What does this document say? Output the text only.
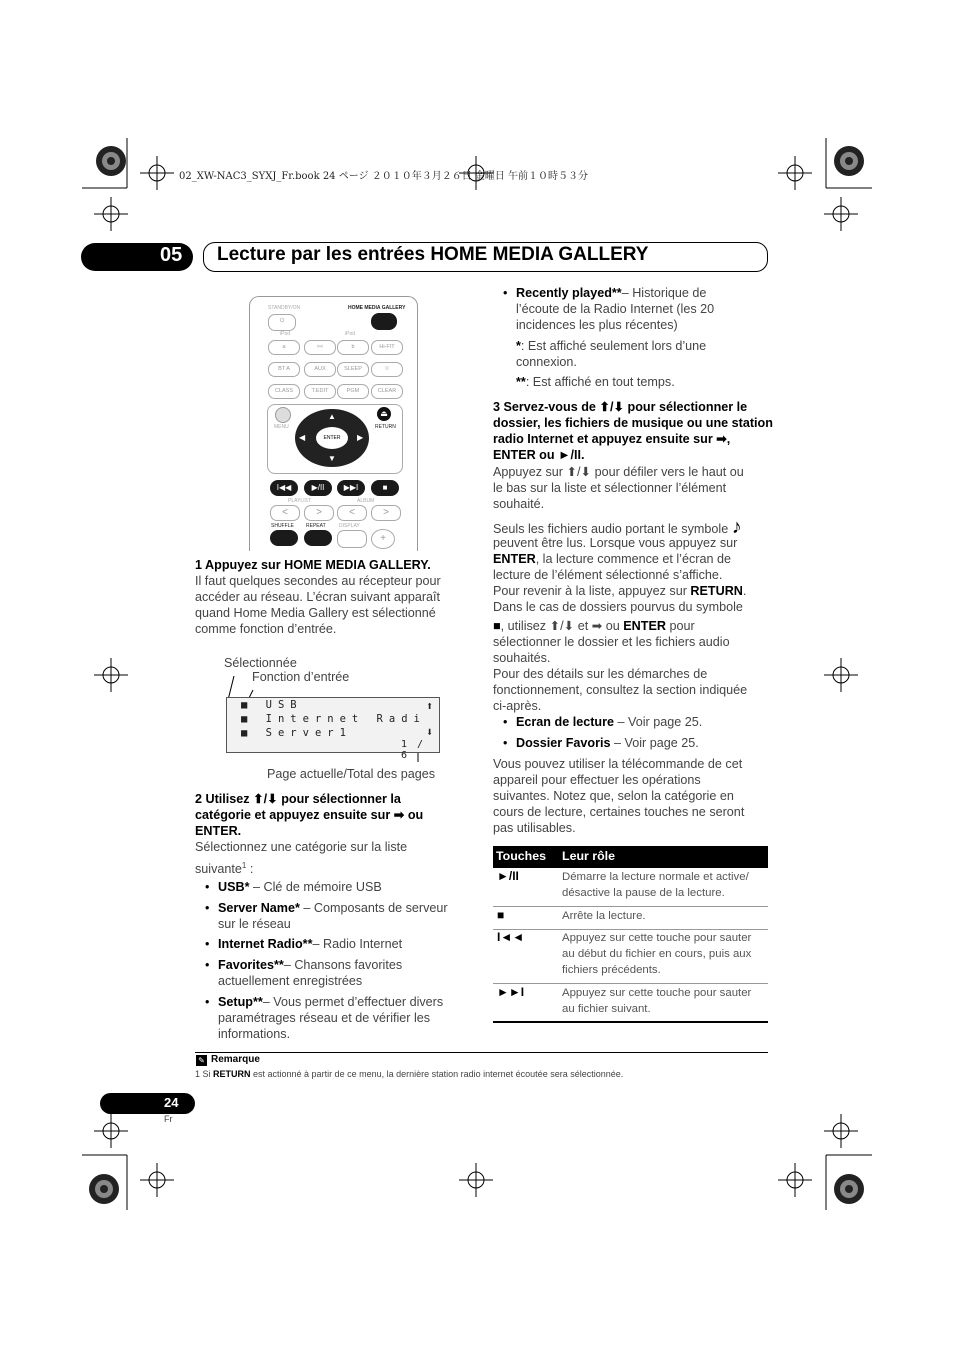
02_XW-NAC3_SYXJ_Fr.book 24 ページ ２０１０年３月２６日 金曜日 午前１０時５３分
05 Lecture par les entrées HOME MEDIA GALLERY
STANDBY/ON	HOME MEDIA GALLERY
⏻
iPod	iPod
a	><	b	Hi-FIT
BT A	AUX	SLEEP	☉
CLASS	T.EDIT	PGM	CLEAR
MENU
⏏
RETURN
ENTER
▲
▼
◀	▶
I◀◀	▶/II	▶▶I	■
PLAYLIST	ALBUM
<	>	<	>
SHUFFLE REPEAT	DISPLAY
+
1 Appuyez sur HOME MEDIA GALLERY.
Il faut quelques secondes au récepteur pour accéder au réseau. L’écran suivant apparaît quand Home Media Gallery est sélectionné comme fonction d’entrée.
Sélectionnée
Fonction d’entrée
■ USB
■ Internet Radi
■ Server1
⬆
⬇
1 / 6
Page actuelle/Total des pages
2 Utilisez ⬆/⬇ pour sélectionner la
catégorie et appuyez ensuite sur ➡ ou
ENTER.
Sélectionnez une catégorie sur la liste
suivante$^1$ :
• USB* – Clé de mémoire USB
• Server Name* – Composants de serveur
sur le réseau
• Internet Radio**– Radio Internet
• Favorites**– Chansons favorites
actuellement enregistrées
• Setup**– Vous permet d’effectuer divers
paramétrages réseau et de vérifier les
informations.
• Recently played**– Historique de
l’écoute de la Radio Internet (les 20
incidences les plus récentes)
*: Est affiché seulement lors d’une
connexion.
**: Est affiché en tout temps.
3 Servez-vous de ⬆/⬇ pour sélectionner le
dossier, les fichiers de musique ou une station
radio Internet et appuyez ensuite sur ➡,
ENTER ou ►/II.
Appuyez sur ⬆/⬇ pour défiler vers le haut ou
le bas sur la liste et sélectionner l’élément
souhaité.
Seuls les fichiers audio portant le symbole ♪
peuvent être lus. Lorsque vous appuyez sur
ENTER, la lecture commence et l’écran de
lecture de l’élément sélectionné s’affiche.
Pour revenir à la liste, appuyez sur RETURN.
Dans le cas de dossiers pourvus du symbole
■, utilisez ⬆/⬇ et ➡ ou ENTER pour
sélectionner le dossier et les fichiers audio
souhaités.
Pour des détails sur les démarches de
fonctionnement, consultez la section indiquée
ci-après.
• Ecran de lecture – Voir page 25.
• Dossier Favoris – Voir page 25.
Vous pouvez utiliser la télécommande de cet
appareil pour effectuer les opérations
suivantes. Notez que, selon la catégorie en
cours de lecture, certaines touches ne seront
pas utilisables.
Touches Leur rôle
►/II	Démarre la lecture normale et active/ désactive la pause de la lecture.
■	Arrête la lecture.
I◄◄	Appuyez sur cette touche pour sauter au début du fichier en cours, puis aux fichiers précédents.
►►I	Appuyez sur cette touche pour sauter au fichier suivant.
✎ Remarque
1 Si RETURN est actionné à partir de ce menu, la dernière station radio internet écoutée sera sélectionnée.
24
Fr
